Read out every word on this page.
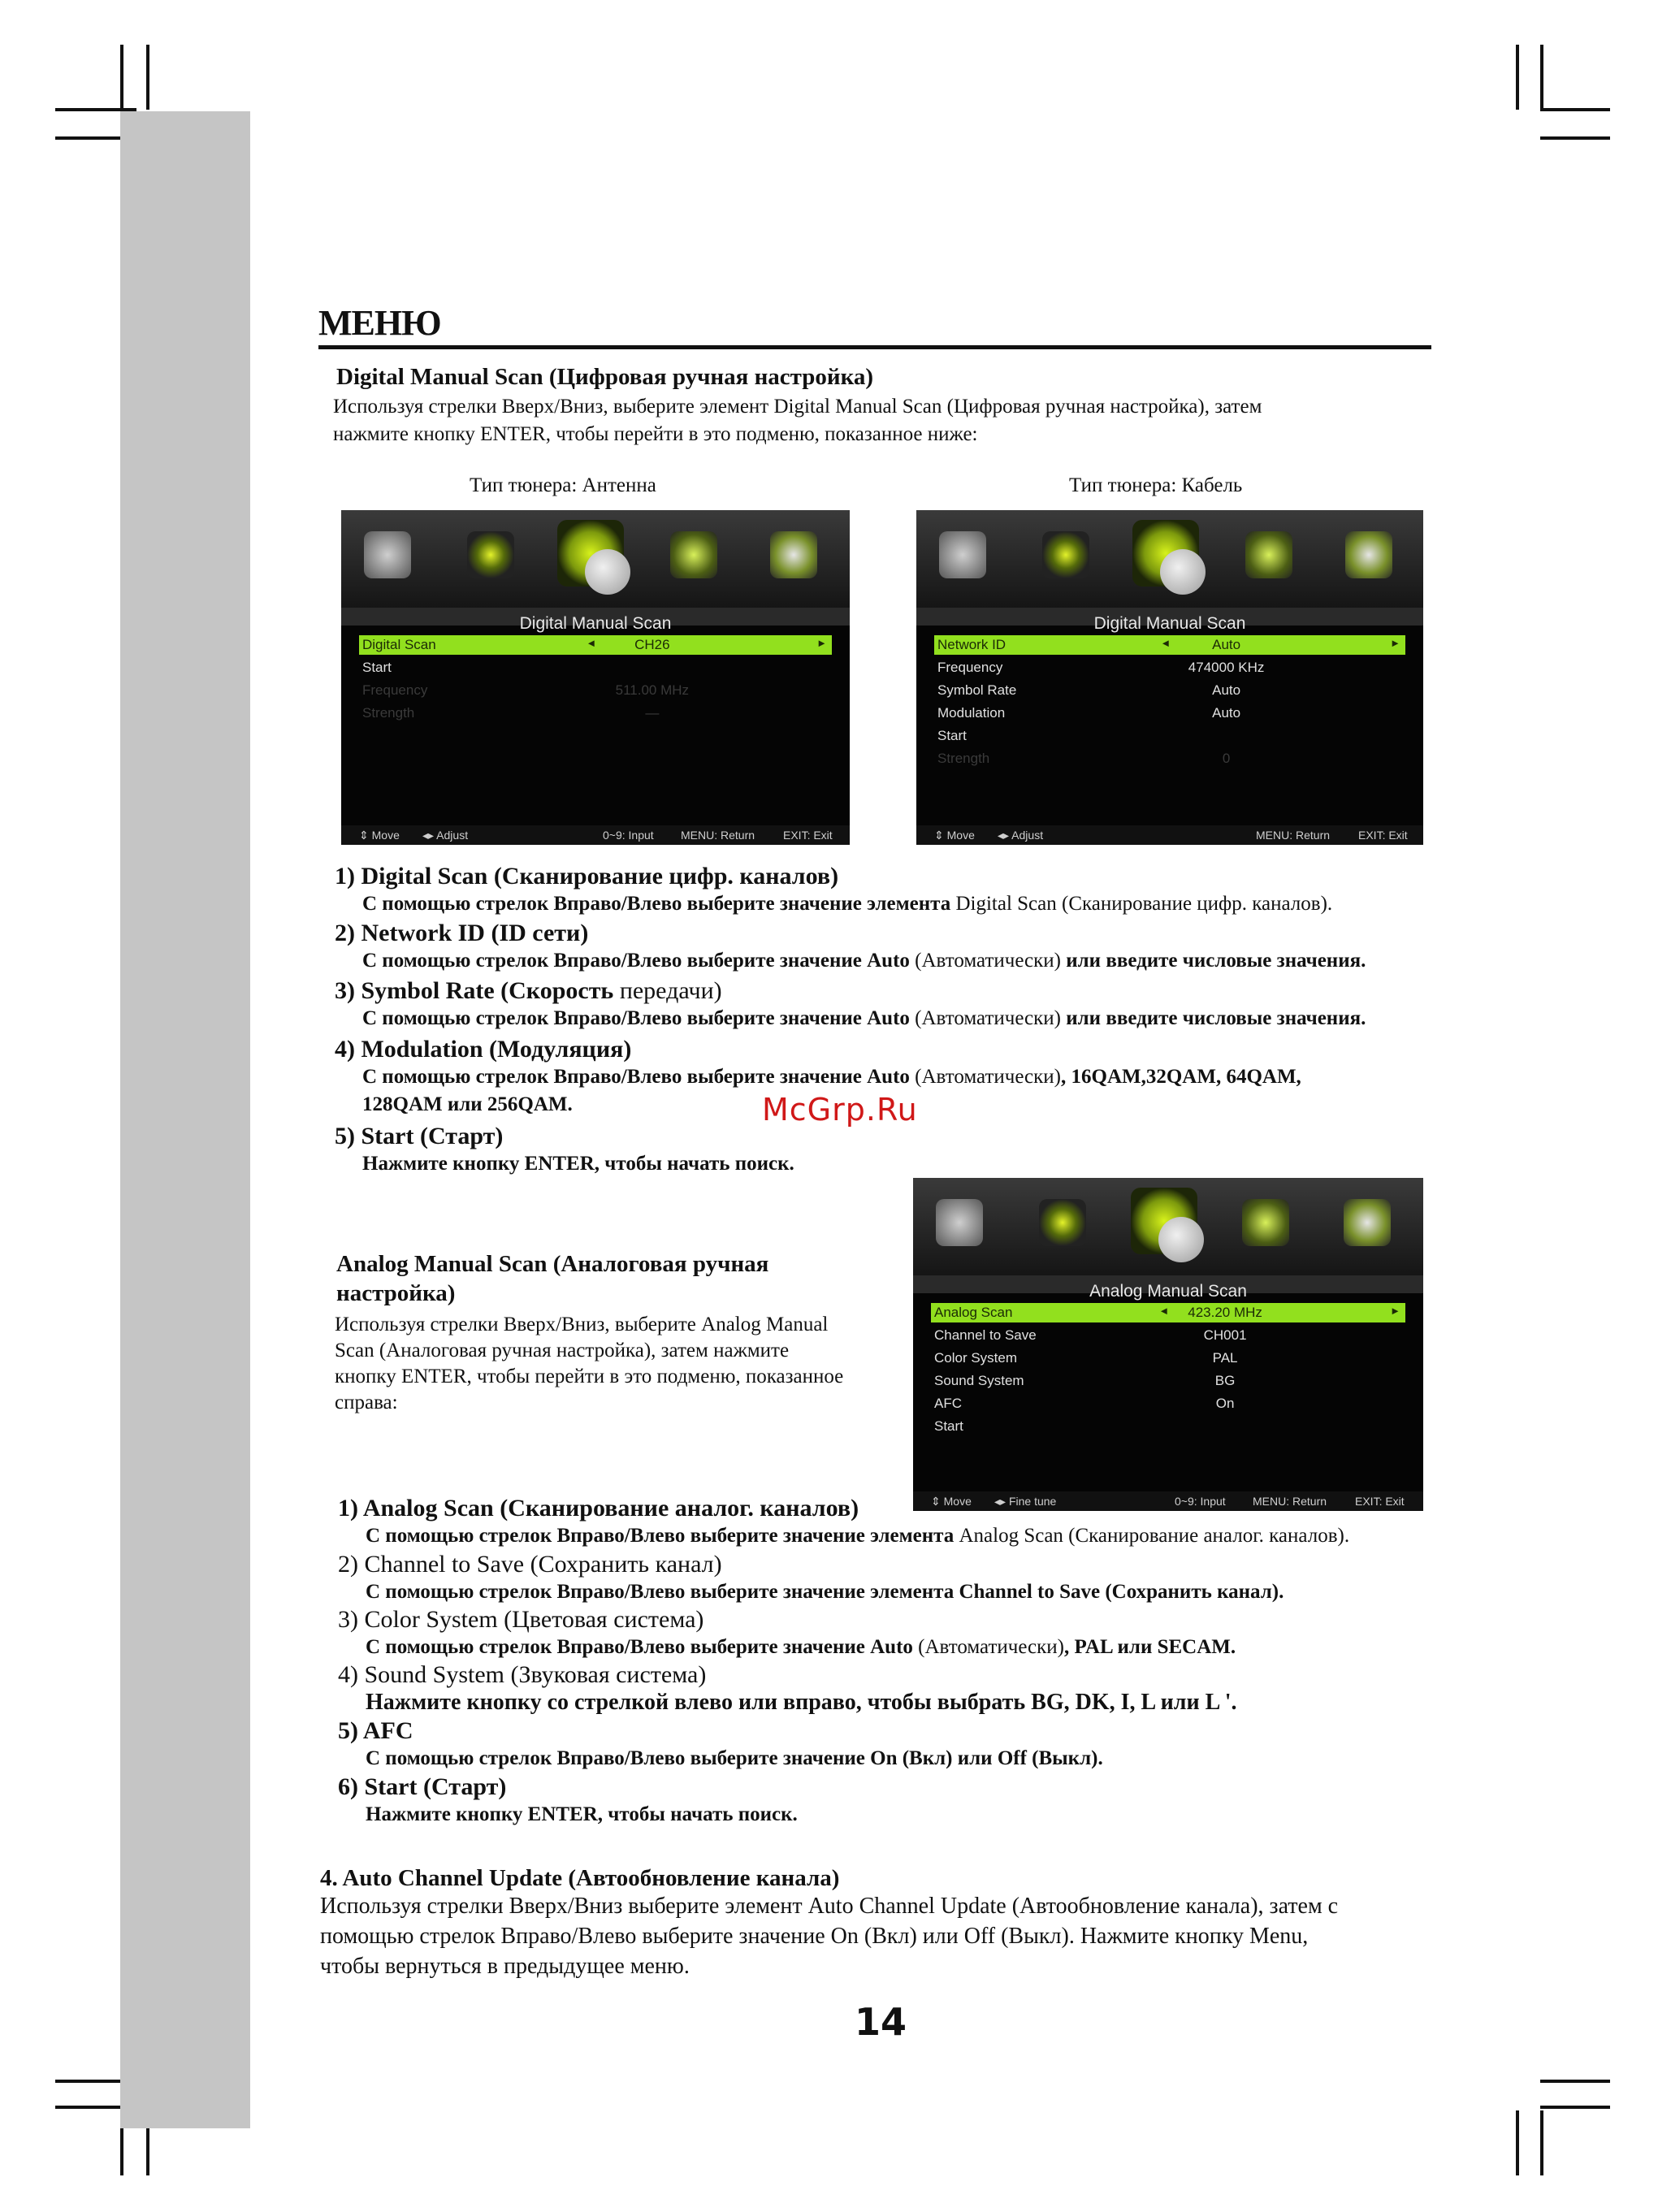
МЕНЮ
Digital Manual Scan (Цифровая ручная настройка)
Используя стрелки Вверх/Вниз, выберите элемент Digital Manual Scan (Цифровая ручная настройка), затем
нажмите кнопку ENTER, чтобы перейти в это подменю, показанное ниже:
Тип тюнера: Антенна	Тип тюнера: Кабель
Digital Manual Scan
Digital Scan	◄	CH26	►
Start
Frequency	511.00 MHz
Strength	—
⇕ Move ◂▸ Adjust	0~9: Input MENU: Return EXIT: Exit
Digital Manual Scan
Network ID	◄	Auto	►
Frequency	474000 KHz
Symbol Rate	Auto
Modulation	Auto
Start
Strength	0
⇕ Move ◂▸ Adjust	MENU: Return EXIT: Exit
1) Digital Scan (Сканирование цифр. каналов)
С помощью стрелок Вправо/Влево выберите значение элемента Digital Scan (Сканирование цифр. каналов).
2) Network ID (ID сети)
С помощью стрелок Вправо/Влево выберите значение Auto (Автоматически) или введите числовые значения.
3) Symbol Rate (Скорость передачи)
С помощью стрелок Вправо/Влево выберите значение Auto (Автоматически) или введите числовые значения.
4) Modulation (Модуляция)
С помощью стрелок Вправо/Влево выберите значение Auto (Автоматически), 16QAM,32QAM, 64QAM,
128QAM или 256QAM.
5) Start (Старт)
Нажмите кнопку ENTER, чтобы начать поиск.
Analog Manual Scan (Аналоговая ручная
настройка)
Используя стрелки Вверх/Вниз, выберите Analog Manual
Scan (Аналоговая ручная настройка), затем нажмите
кнопку ENTER, чтобы перейти в это подменю, показанное
справа:
Analog Manual Scan
Analog Scan	◄ 423.20 MHz	►
Channel to Save	CH001
Color System	PAL
Sound System	BG
AFC	On
Start
⇕ Move ◂▸ Fine tune	0~9: Input MENU: Return EXIT: Exit
1) Analog Scan (Сканирование аналог. каналов)
С помощью стрелок Вправо/Влево выберите значение элемента Analog Scan (Сканирование аналог. каналов).
2) Channel to Save (Сохранить канал)
С помощью стрелок Вправо/Влево выберите значение элемента Channel to Save (Сохранить канал).
3) Color System (Цветовая система)
С помощью стрелок Вправо/Влево выберите значение Auto (Автоматически), PAL или SECAM.
4) Sound System (Звуковая система)
Нажмите кнопку со стрелкой влево или вправо, чтобы выбрать BG, DK, I, L или L '.
5) AFC
С помощью стрелок Вправо/Влево выберите значение On (Вкл) или Off (Выкл).
6) Start (Старт)
Нажмите кнопку ENTER, чтобы начать поиск.
4. Auto Channel Update (Автообновление канала)
Используя стрелки Вверх/Вниз выберите элемент Auto Channel Update (Автообновление канала), затем с
помощью стрелок Вправо/Влево выберите значение On (Вкл) или Off (Выкл). Нажмите кнопку Menu,
чтобы вернуться в предыдущее меню.
McGrp.Ru
14
